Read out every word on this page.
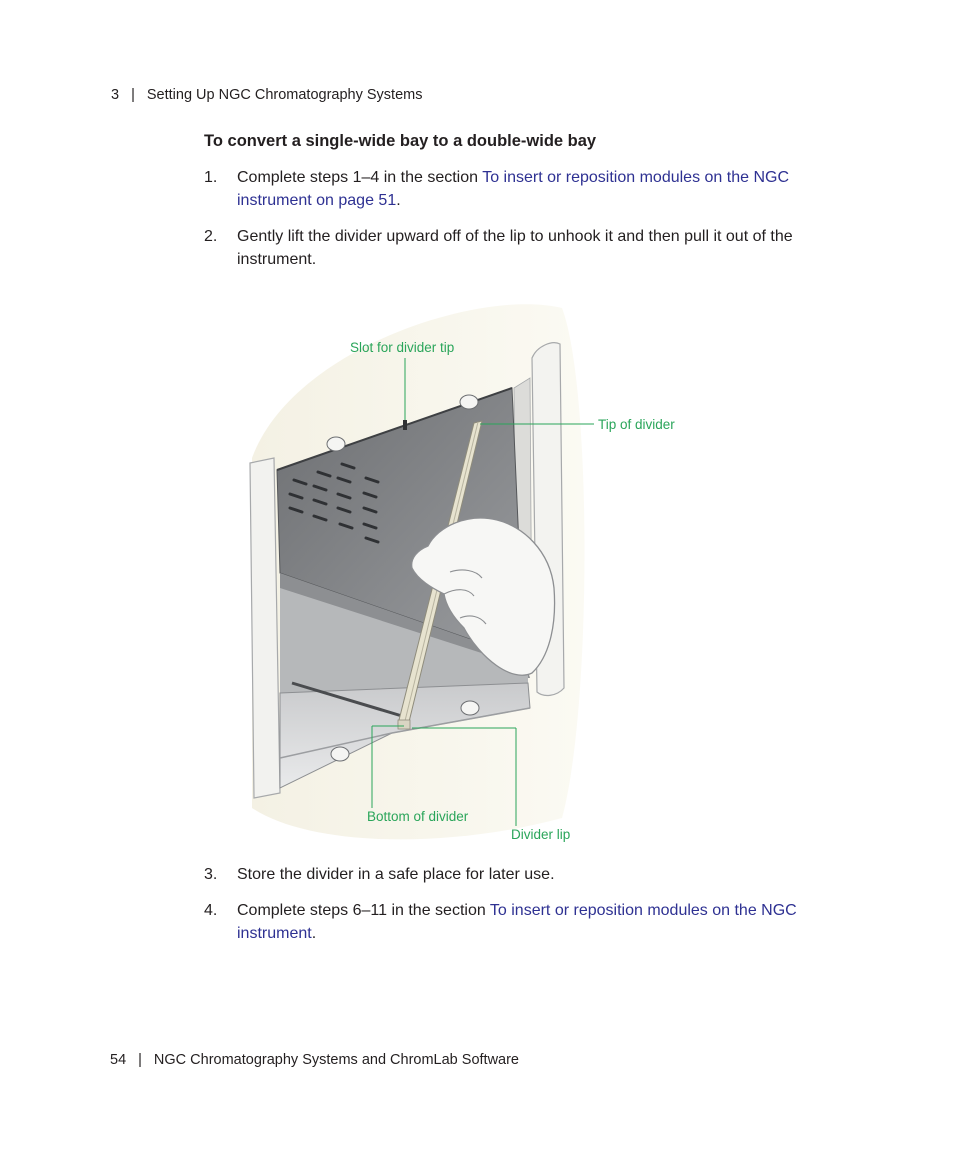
3 | Setting Up NGC Chromatography Systems
To convert a single-wide bay to a double-wide bay
1. Complete steps 1–4 in the section To insert or reposition modules on the NGC instrument on page 51.
2. Gently lift the divider upward off of the lip to unhook it and then pull it out of the instrument.
Slot for divider tip
Tip of divider
Bottom of divider
Divider lip
3. Store the divider in a safe place for later use.
4. Complete steps 6–11 in the section To insert or reposition modules on the NGC instrument.
54 | NGC Chromatography Systems and ChromLab Software
